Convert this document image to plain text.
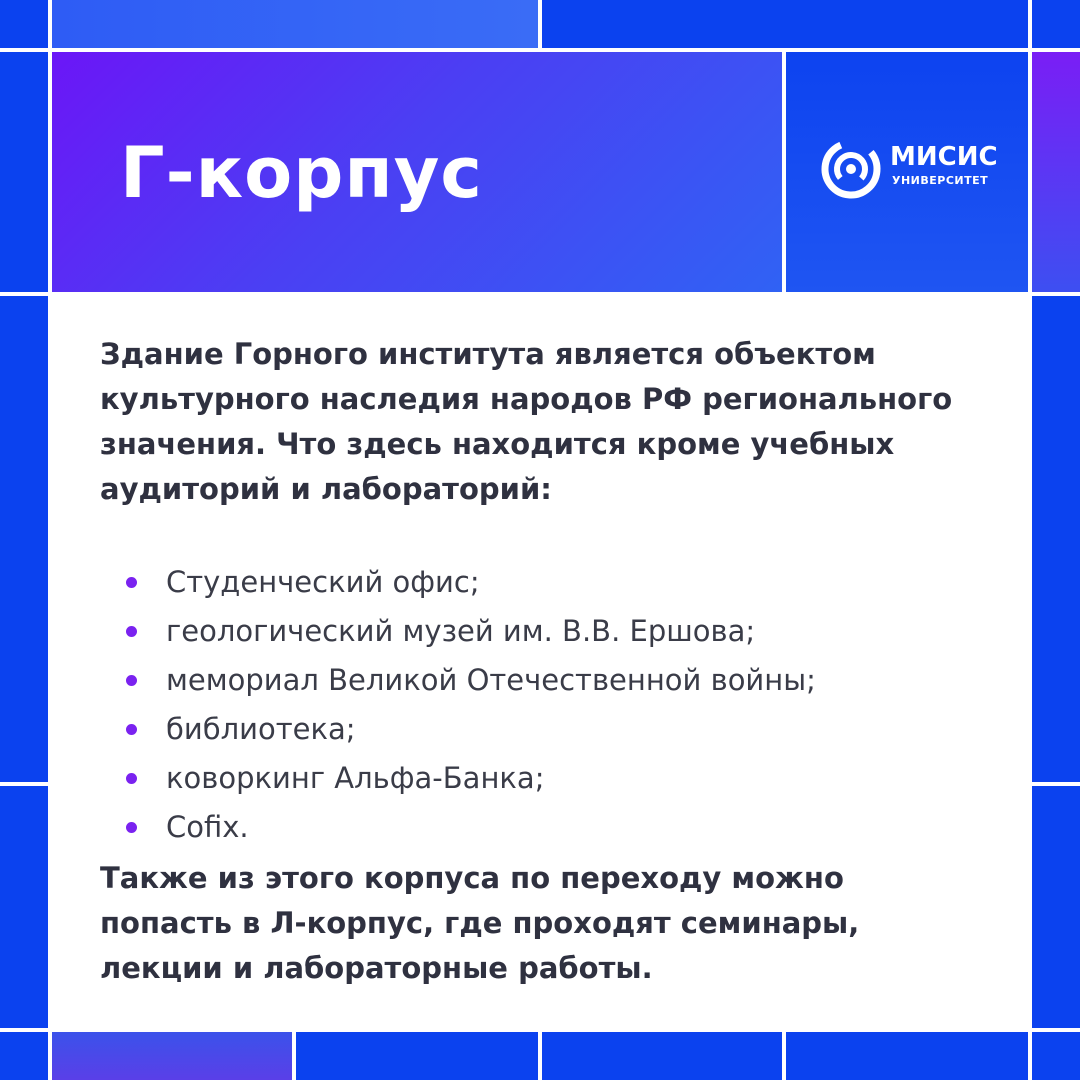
Г-корпус	МИСИС
УНИВЕРСИТЕТ
Здание Горного института является объектом культурного наследия народов РФ регионального значения. Что здесь находится кроме учебных аудиторий и лабораторий:
Студенческий офис;
геологический музей им. В.В. Ершова;
мемориал Великой Отечественной войны;
библиотека;
коворкинг Альфа-Банка;
Cofix.
Также из этого корпуса по переходу можно попасть в Л-корпус, где проходят семинары, лекции и лабораторные работы.
